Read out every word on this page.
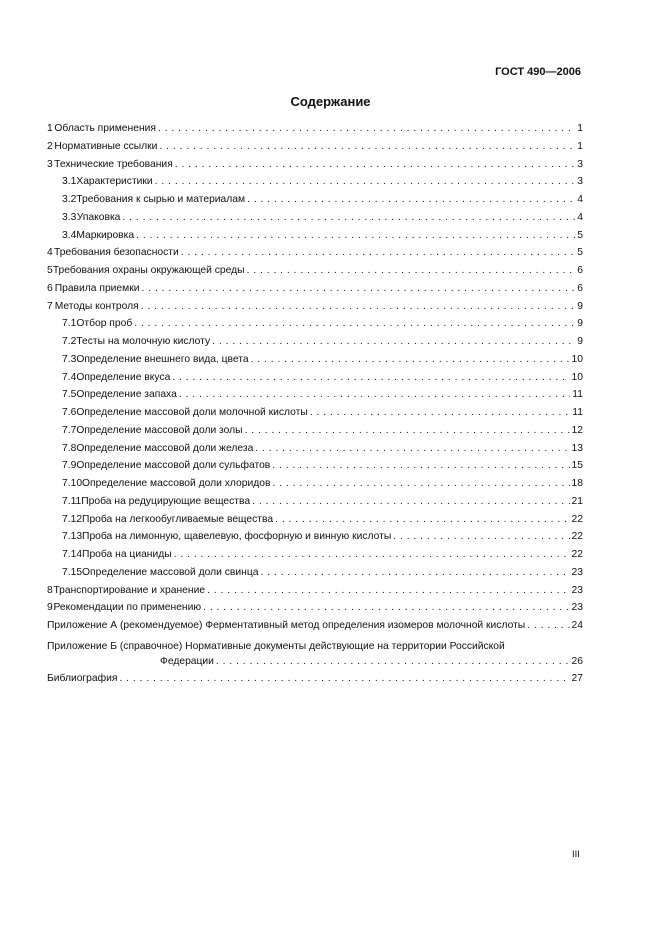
ГОСТ 490—2006
Содержание
1 Область применения . . .	1
2 Нормативные ссылки . . .	1
3 Технические требования . . .	3
3.1 Характеристики . . .	3
3.2 Требования к сырью и материалам . . .	4
3.3 Упаковка . . .	4
3.4 Маркировка . . .	5
4 Требования безопасности . . .	5
5 Требования охраны окружающей среды . . .	6
6 Правила приемки . . .	6
7 Методы контроля . . .	9
7.1 Отбор проб . . .	9
7.2 Тесты на молочную кислоту . . .	9
7.3 Определение внешнего вида, цвета . . .	10
7.4 Определение вкуса . . .	10
7.5 Определение запаха . . .	11
7.6 Определение массовой доли молочной кислоты . . .	11
7.7 Определение массовой доли золы . . .	12
7.8 Определение массовой доли железа . . .	13
7.9 Определение массовой доли сульфатов . . .	15
7.10 Определение массовой доли хлоридов . . .	18
7.11 Проба на редуцирующие вещества . . .	21
7.12 Проба на легкообугливаемые вещества . . .	22
7.13 Проба на лимонную, щавелевую, фосфорную и винную кислоты . . .	22
7.14 Проба на цианиды . . .	22
7.15 Определение массовой доли свинца . . .	23
8 Транспортирование и хранение . . .	23
9 Рекомендации по применению . . .	23
Приложение А (рекомендуемое) Ферментативный метод определения изомеров молочной кислоты . . .	24
Приложение Б (справочное) Нормативные документы действующие на территории Российской
Федерации . . .	26
Библиография . . .	27
III
